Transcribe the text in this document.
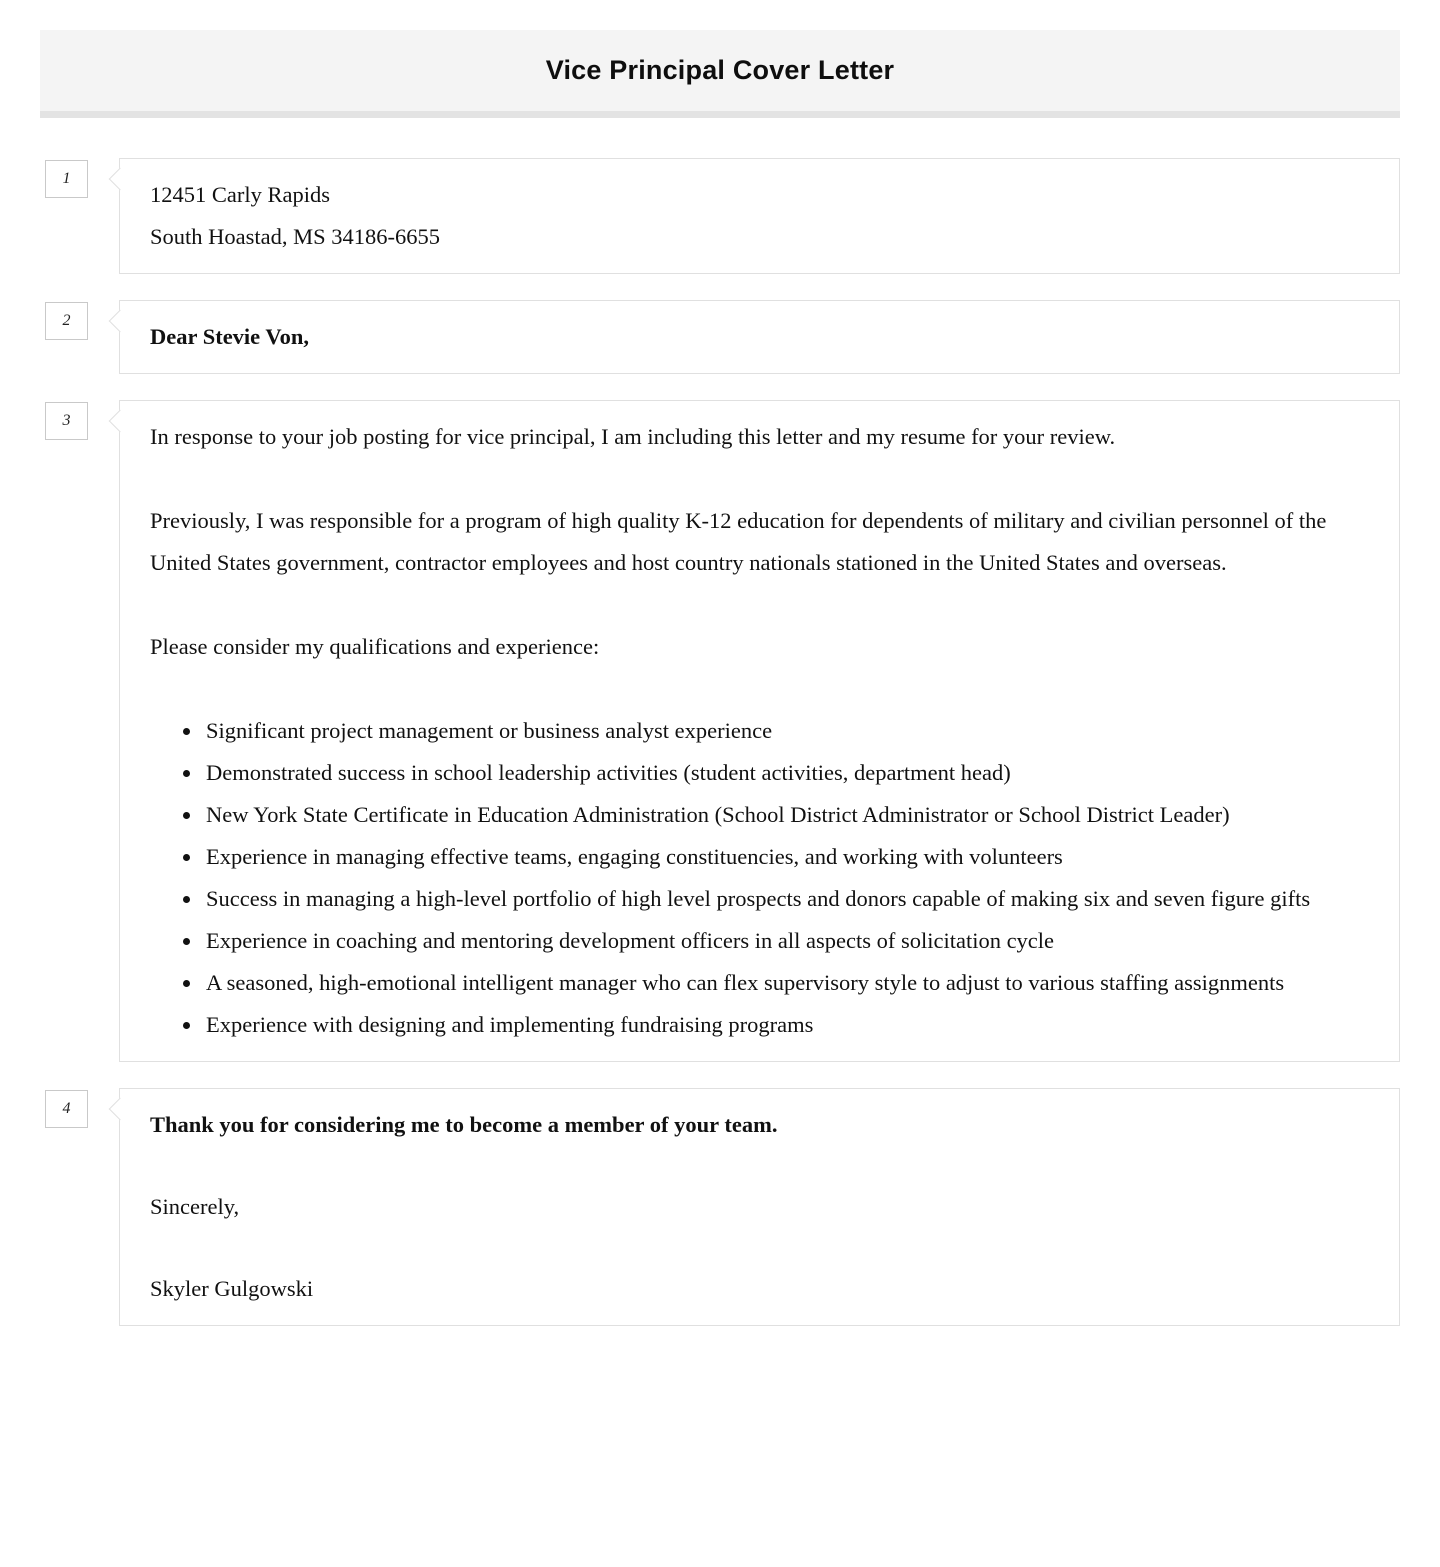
Vice Principal Cover Letter
1
12451 Carly Rapids
South Hoastad, MS 34186-6655
2
Dear Stevie Von,
3

In response to your job posting for vice principal, I am including this letter and my resume for your review.

Previously, I was responsible for a program of high quality K-12 education for dependents of military and civilian personnel of the United States government, contractor employees and host country nationals stationed in the United States and overseas.

Please consider my qualifications and experience:

• Significant project management or business analyst experience
• Demonstrated success in school leadership activities (student activities, department head)
• New York State Certificate in Education Administration (School District Administrator or School District Leader)
• Experience in managing effective teams, engaging constituencies, and working with volunteers
• Success in managing a high-level portfolio of high level prospects and donors capable of making six and seven figure gifts
• Experience in coaching and mentoring development officers in all aspects of solicitation cycle
• A seasoned, high-emotional intelligent manager who can flex supervisory style to adjust to various staffing assignments
• Experience with designing and implementing fundraising programs
4
Thank you for considering me to become a member of your team.
Sincerely,
Skyler Gulgowski
